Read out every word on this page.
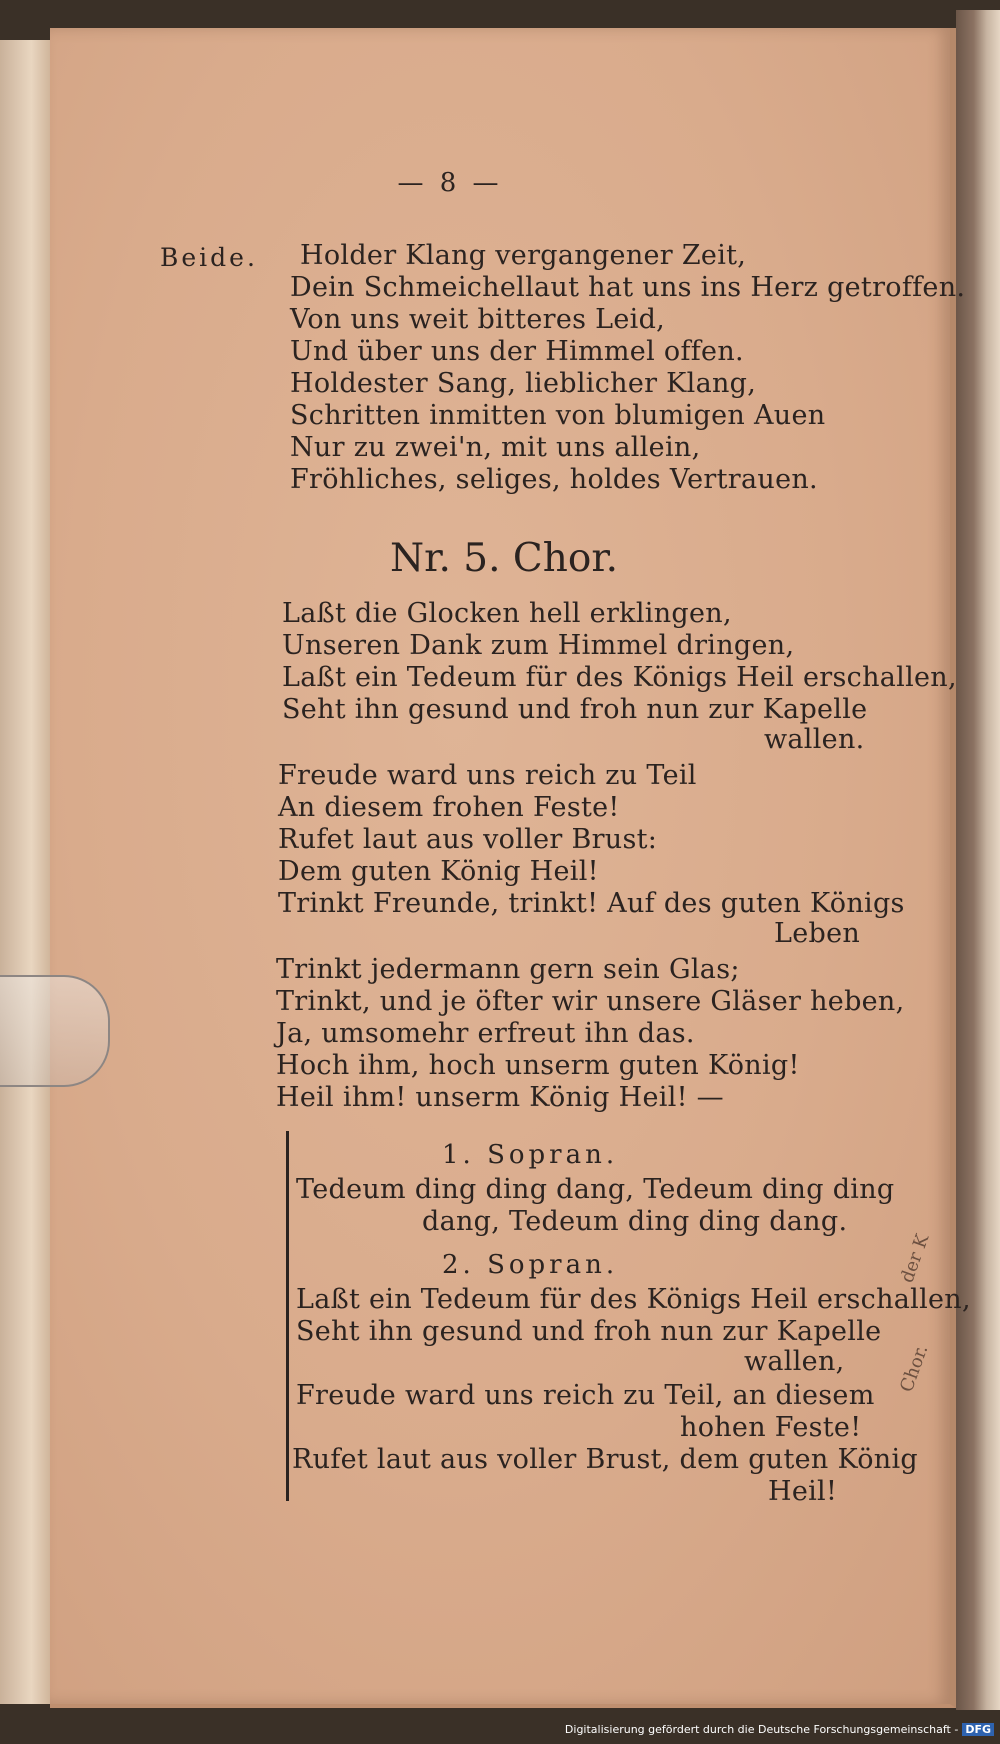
— 8 —
Beide. Holder Klang vergangener Zeit,
Dein Schmeichellaut hat uns ins Herz getroffen.
Von uns weit bitteres Leid,
Und über uns der Himmel offen.
Holdester Sang, lieblicher Klang,
Schritten inmitten von blumigen Auen
Nur zu zwei'n, mit uns allein,
Fröhliches, seliges, holdes Vertrauen.
Nr. 5. Chor.
Laßt die Glocken hell erklingen,
Unseren Dank zum Himmel dringen,
Laßt ein Tedeum für des Königs Heil erschallen,
Seht ihn gesund und froh nun zur Kapelle
wallen.
Freude ward uns reich zu Teil
An diesem frohen Feste!
Rufet laut aus voller Brust:
Dem guten König Heil!
Trinkt Freunde, trinkt! Auf des guten Königs
Leben
Trinkt jedermann gern sein Glas;
Trinkt, und je öfter wir unsere Gläser heben,
Ja, umsomehr erfreut ihn das.
Hoch ihm, hoch unserm guten König!
Heil ihm! unserm König Heil! —
1. Sopran.
Tedeum ding ding dang, Tedeum ding ding
dang, Tedeum ding ding dang.
2. Sopran.
Laßt ein Tedeum für des Königs Heil erschallen,
Seht ihn gesund und froh nun zur Kapelle
wallen,
Freude ward uns reich zu Teil, an diesem
hohen Feste!
Rufet laut aus voller Brust, dem guten König
Heil!
der K
Chor.
Digitalisierung gefördert durch die Deutsche Forschungsgemeinschaft - DFG
